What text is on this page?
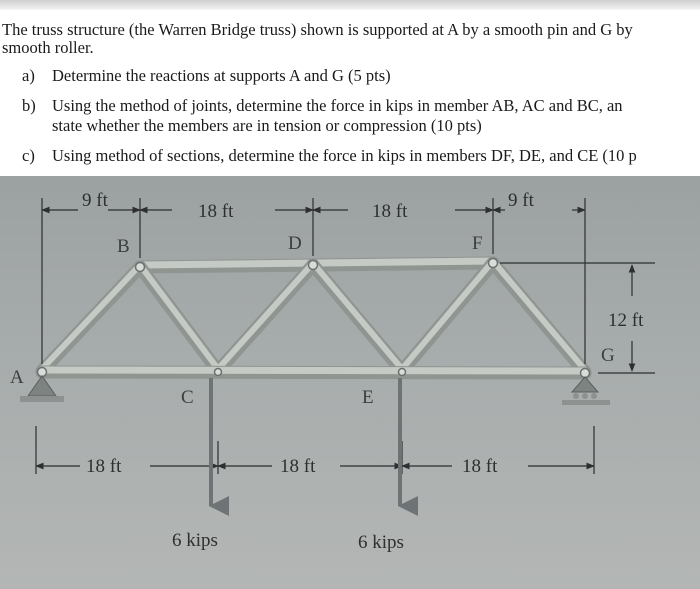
The truss structure (the Warren Bridge truss) shown is supported at A by a smooth pin and G by
smooth roller.
a) Determine the reactions at supports A and G (5 pts)
b) Using the method of joints, determine the force in kips in member AB, AC and BC, an
state whether the members are in tension or compression (10 pts)
c) Using method of sections, determine the force in kips in members DF, DE, and CE (10 p
9 ft
18 ft	18 ft
9 ft
12 ft
18 ft	18 ft	18 ft
A
B
C
D
E
F
G
6 kips	6 kips
